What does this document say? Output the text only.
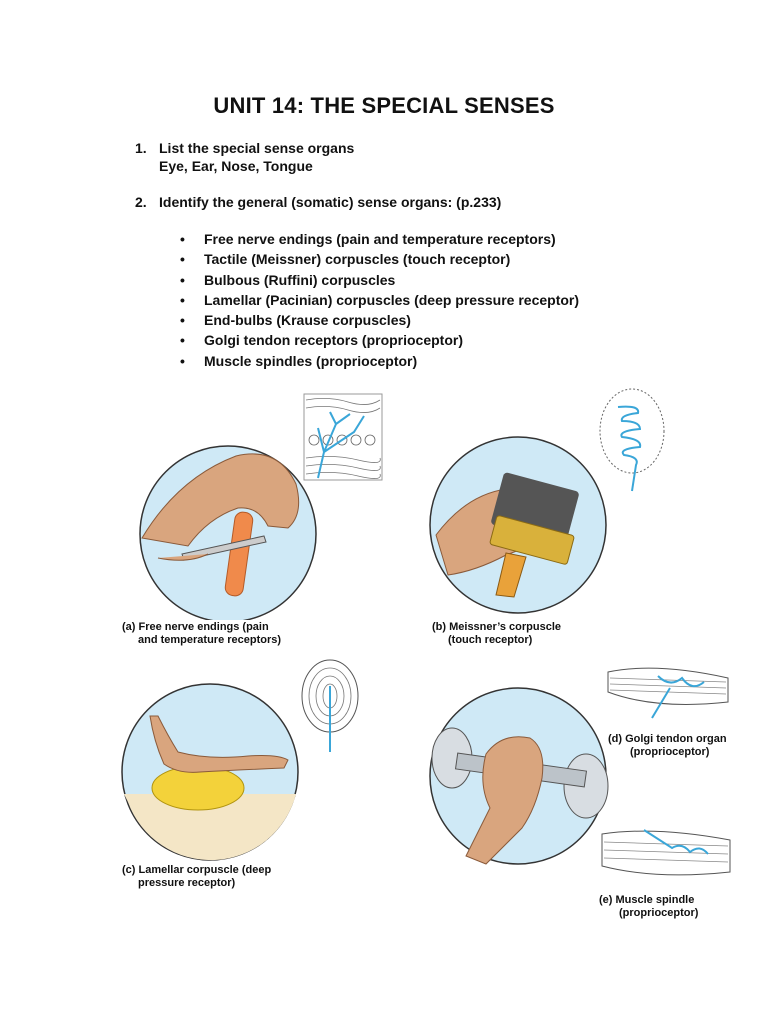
UNIT 14: THE SPECIAL SENSES
1. List the special sense organs
Eye, Ear, Nose, Tongue
2. Identify the general (somatic) sense organs: (p.233)
• Free nerve endings (pain and temperature receptors)
• Tactile (Meissner) corpuscles (touch receptor)
• Bulbous (Ruffini) corpuscles
• Lamellar (Pacinian) corpuscles (deep pressure receptor)
• End-bulbs (Krause corpuscles)
• Golgi tendon receptors (proprioceptor)
• Muscle spindles (proprioceptor)
(a) Free nerve endings (pain
and temperature receptors)
(b) Meissner’s corpuscle
(touch receptor)
(c) Lamellar corpuscle (deep
pressure receptor)
(d) Golgi tendon organ
(proprioceptor)
(e) Muscle spindle
(proprioceptor)
